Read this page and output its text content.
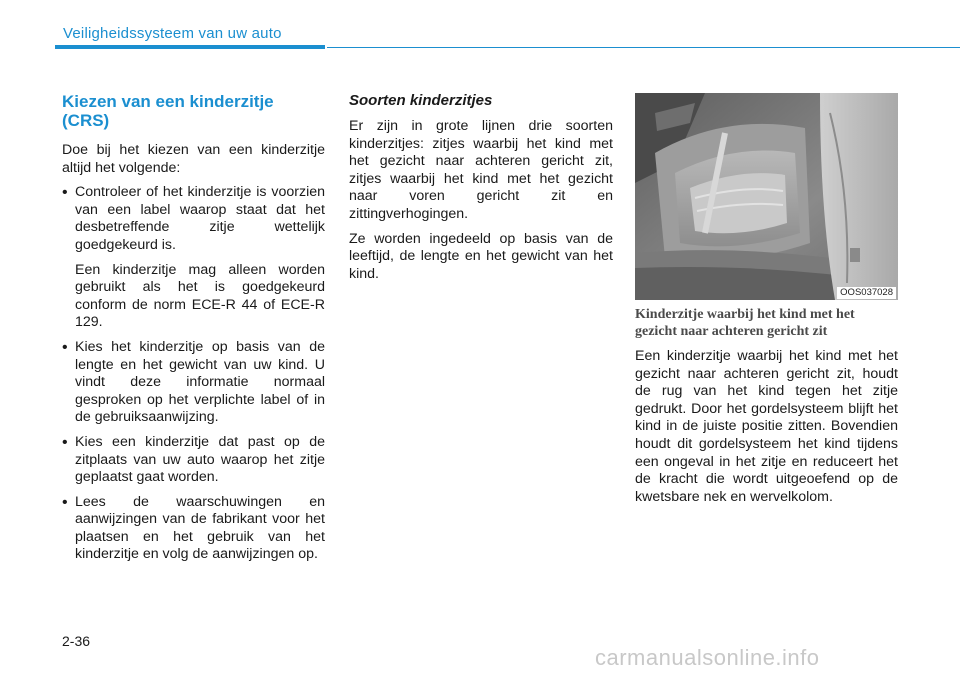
Veiligheidssysteem van uw auto
Kiezen van een kinderzitje (CRS)

Doe bij het kiezen van een kinderzitje altijd het volgende:

• Controleer of het kinderzitje is voorzien van een label waarop staat dat het desbetreffende zitje wettelijk goedgekeurd is.

Een kinderzitje mag alleen worden gebruikt als het is goedgekeurd conform de norm ECE-R 44 of ECE-R 129.

• Kies het kinderzitje op basis van de lengte en het gewicht van uw kind. U vindt deze informatie normaal gesproken op het verplichte label of in de gebruiksaanwijzing.

• Kies een kinderzitje dat past op de zitplaats van uw auto waarop het zitje geplaatst gaat worden.

• Lees de waarschuwingen en aanwijzingen van de fabrikant voor het plaatsen en het gebruik van het kinderzitje en volg de aanwijzingen op.

Soorten kinderzitjes

Er zijn in grote lijnen drie soorten kinderzitjes: zitjes waarbij het kind met het gezicht naar achteren gericht zit, zitjes waarbij het kind met het gezicht naar voren gericht zit en zittingverhogingen.

Ze worden ingedeeld op basis van de leeftijd, de lengte en het gewicht van het kind.

OOS037028
Kinderzitje waarbij het kind met het gezicht naar achteren gericht zit

Een kinderzitje waarbij het kind met het gezicht naar achteren gericht zit, houdt de rug van het kind tegen het zitje gedrukt. Door het gordelsysteem blijft het kind in de juiste positie zitten. Bovendien houdt dit gordelsysteem het kind tijdens een ongeval in het zitje en reduceert het de kracht die wordt uitgeoefend op de kwetsbare nek en wervelkolom.

2-36
carmanualsonline.info
